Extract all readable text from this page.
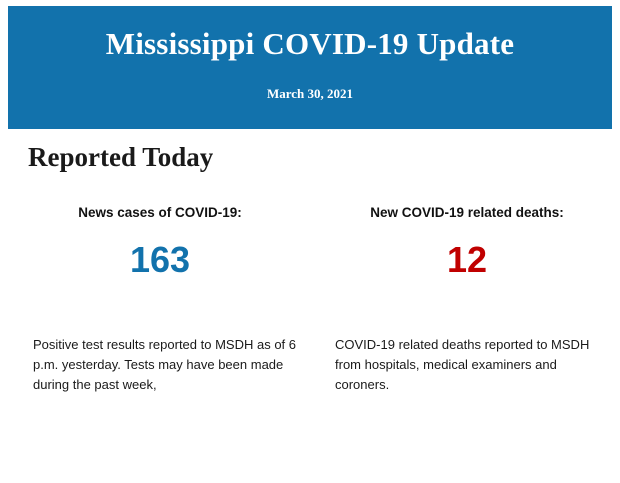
Mississippi COVID-19 Update
March 30, 2021
Reported Today
News cases of COVID-19:
163
Positive test results reported to MSDH as of 6 p.m. yesterday. Tests may have been made during the past week,
New COVID-19 related deaths:
12
COVID-19 related deaths reported to MSDH from hospitals, medical examiners and coroners.
